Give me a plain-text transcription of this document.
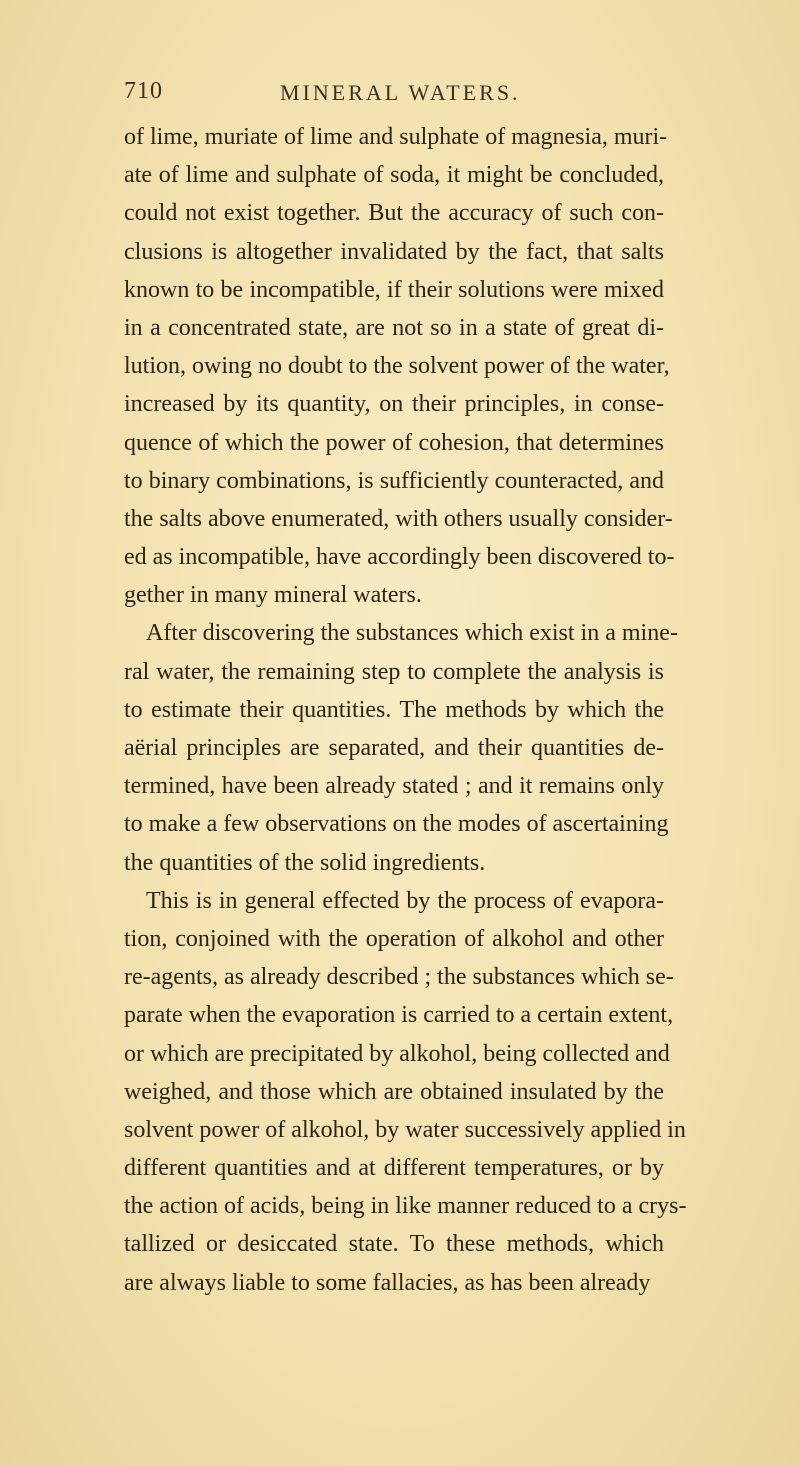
710	MINERAL WATERS.
of lime, muriate of lime and sulphate of magnesia, muri-
ate of lime and sulphate of soda, it might be concluded,
could not exist together. But the accuracy of such con-
clusions is altogether invalidated by the fact, that salts
known to be incompatible, if their solutions were mixed
in a concentrated state, are not so in a state of great di-
lution, owing no doubt to the solvent power of the water,
increased by its quantity, on their principles, in conse-
quence of which the power of cohesion, that determines
to binary combinations, is sufficiently counteracted, and
the salts above enumerated, with others usually consider-
ed as incompatible, have accordingly been discovered to-
gether in many mineral waters.
After discovering the substances which exist in a mine-
ral water, the remaining step to complete the analysis is
to estimate their quantities. The methods by which the
aërial principles are separated, and their quantities de-
termined, have been already stated ; and it remains only
to make a few observations on the modes of ascertaining
the quantities of the solid ingredients.
This is in general effected by the process of evapora-
tion, conjoined with the operation of alkohol and other
re-agents, as already described ; the substances which se-
parate when the evaporation is carried to a certain extent,
or which are precipitated by alkohol, being collected and
weighed, and those which are obtained insulated by the
solvent power of alkohol, by water successively applied in
different quantities and at different temperatures, or by
the action of acids, being in like manner reduced to a crys-
tallized or desiccated state. To these methods, which
are always liable to some fallacies, as has been already
